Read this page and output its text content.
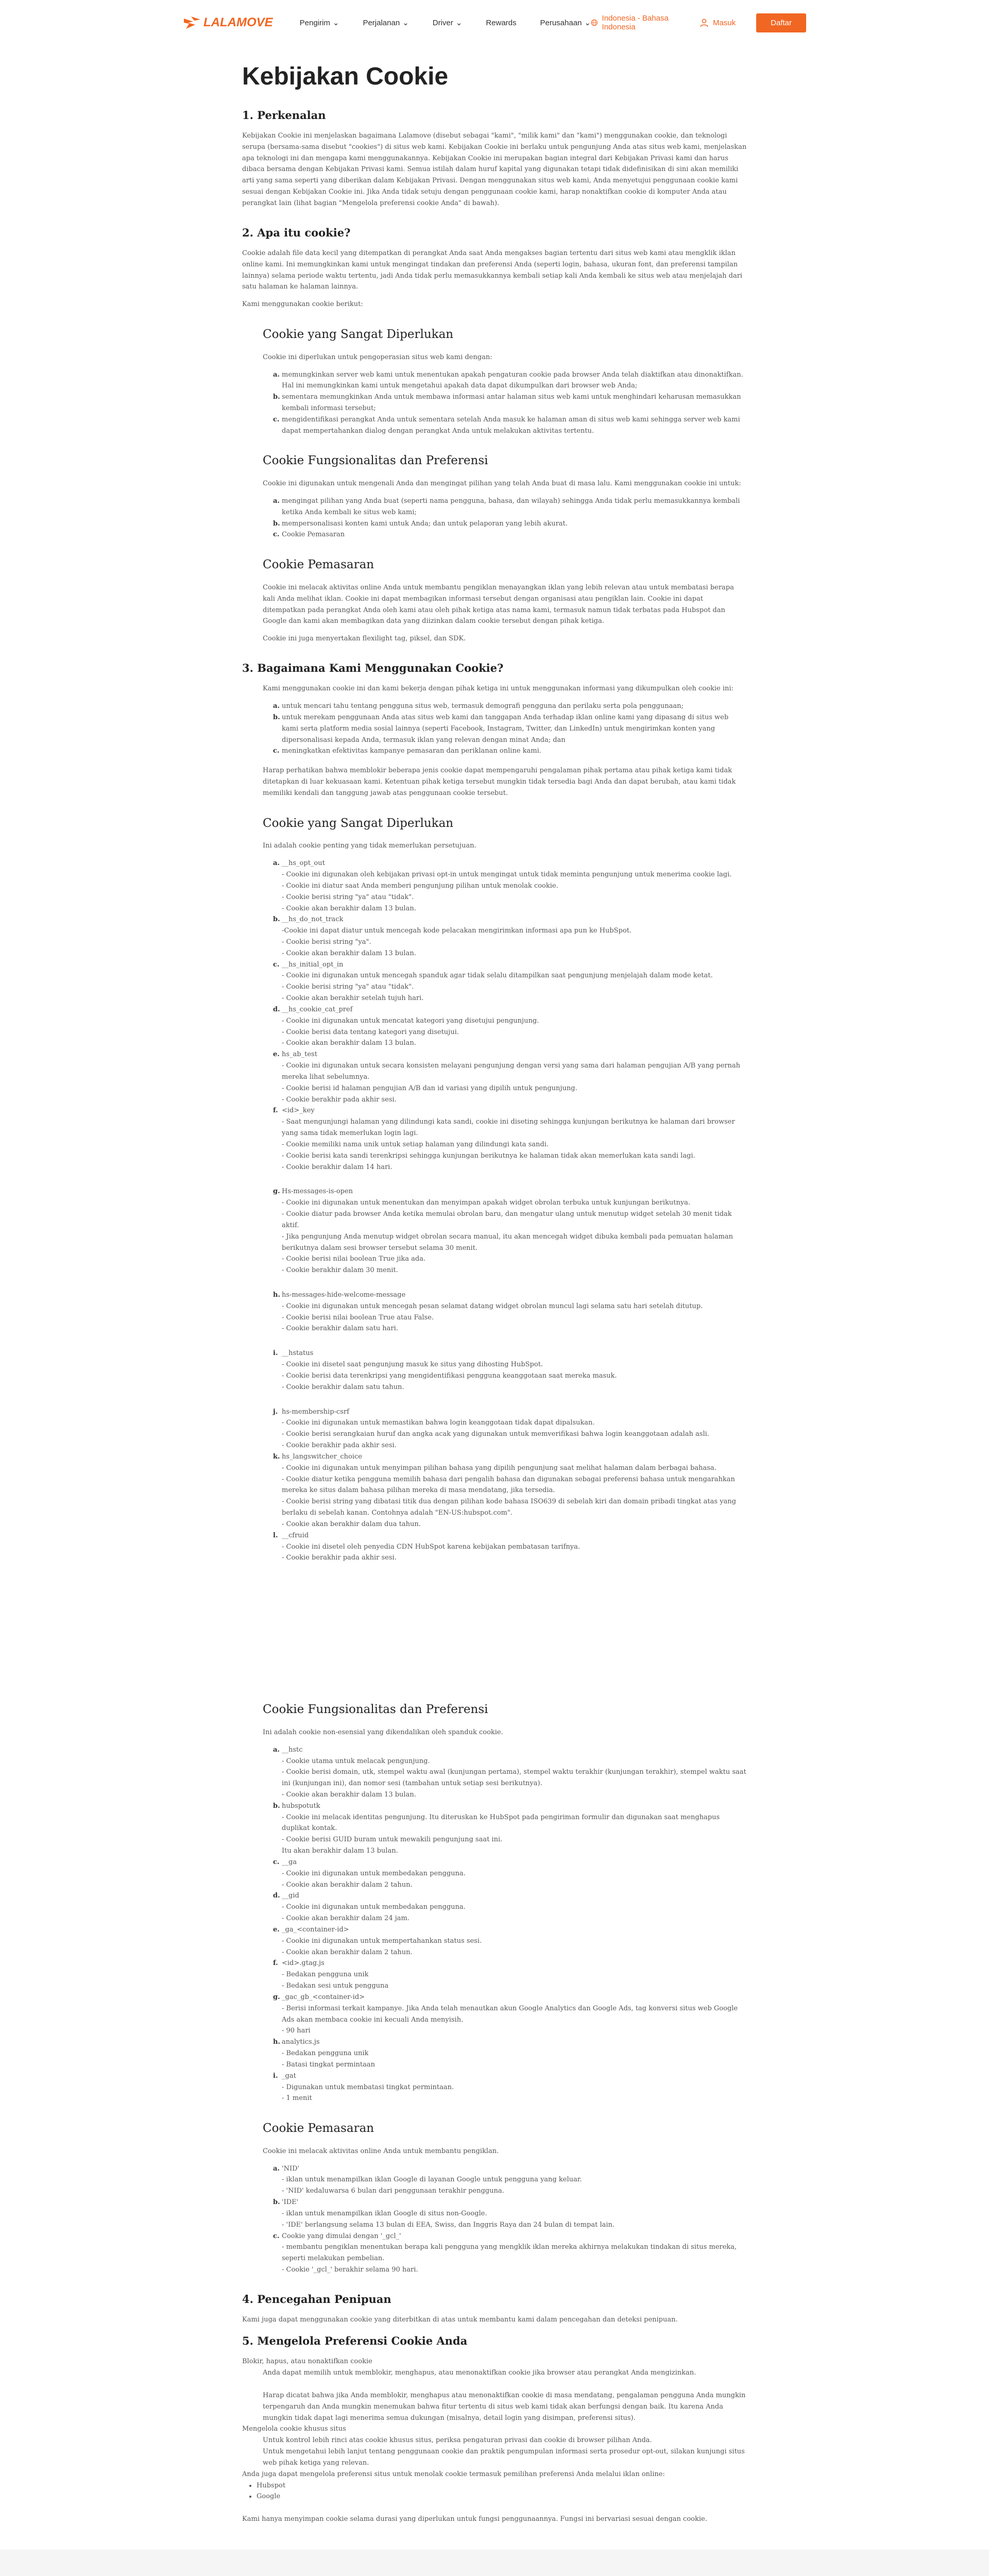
LALAMOVE	Pengirim ⌄	Perjalanan ⌄	Driver ⌄	Rewards	Perusahaan ⌄
Indonesia - Bahasa Indonesia	Masuk	Daftar
Kebijakan Cookie
1. Perkenalan

Kebijakan Cookie ini menjelaskan bagaimana Lalamove (disebut sebagai "kami", "milik kami" dan "kami") menggunakan cookie, dan teknologi serupa (bersama-sama disebut "cookies") di situs web kami. Kebijakan Cookie ini berlaku untuk pengunjung Anda atas situs web kami, menjelaskan apa teknologi ini dan mengapa kami menggunakannya. Kebijakan Cookie ini merupakan bagian integral dari Kebijakan Privasi kami dan harus dibaca bersama dengan Kebijakan Privasi kami. Semua istilah dalam huruf kapital yang digunakan tetapi tidak didefinisikan di sini akan memiliki arti yang sama seperti yang diberikan dalam Kebijakan Privasi. Dengan menggunakan situs web kami, Anda menyetujui penggunaan cookie kami sesuai dengan Kebijakan Cookie ini. Jika Anda tidak setuju dengan penggunaan cookie kami, harap nonaktifkan cookie di komputer Anda atau perangkat lain (lihat bagian "Mengelola preferensi cookie Anda" di bawah).

2. Apa itu cookie?

Cookie adalah file data kecil yang ditempatkan di perangkat Anda saat Anda mengakses bagian tertentu dari situs web kami atau mengklik iklan online kami. Ini memungkinkan kami untuk mengingat tindakan dan preferensi Anda (seperti login, bahasa, ukuran font, dan preferensi tampilan lainnya) selama periode waktu tertentu, jadi Anda tidak perlu memasukkannya kembali setiap kali Anda kembali ke situs web atau menjelajah dari satu halaman ke halaman lainnya.

Kami menggunakan cookie berikut:

Cookie yang Sangat Diperlukan

Cookie ini diperlukan untuk pengoperasian situs web kami dengan:

a. memungkinkan server web kami untuk menentukan apakah pengaturan cookie pada browser Anda telah diaktifkan atau dinonaktifkan. Hal ini memungkinkan kami untuk mengetahui apakah data dapat dikumpulkan dari browser web Anda;
b. sementara memungkinkan Anda untuk membawa informasi antar halaman situs web kami untuk menghindari keharusan memasukkan kembali informasi tersebut;
c. mengidentifikasi perangkat Anda untuk sementara setelah Anda masuk ke halaman aman di situs web kami sehingga server web kami dapat mempertahankan dialog dengan perangkat Anda untuk melakukan aktivitas tertentu.
Cookie Fungsionalitas dan Preferensi

Cookie ini digunakan untuk mengenali Anda dan mengingat pilihan yang telah Anda buat di masa lalu. Kami menggunakan cookie ini untuk:

a. mengingat pilihan yang Anda buat (seperti nama pengguna, bahasa, dan wilayah) sehingga Anda tidak perlu memasukkannya kembali ketika Anda kembali ke situs web kami;
b. mempersonalisasi konten kami untuk Anda; dan untuk pelaporan yang lebih akurat.
c. Cookie Pemasaran
Cookie Pemasaran

Cookie ini melacak aktivitas online Anda untuk membantu pengiklan menayangkan iklan yang lebih relevan atau untuk membatasi berapa kali Anda melihat iklan. Cookie ini dapat membagikan informasi tersebut dengan organisasi atau pengiklan lain. Cookie ini dapat ditempatkan pada perangkat Anda oleh kami atau oleh pihak ketiga atas nama kami, termasuk namun tidak terbatas pada Hubspot dan Google dan kami akan membagikan data yang diizinkan dalam cookie tersebut dengan pihak ketiga.

Cookie ini juga menyertakan flexilight tag, piksel, dan SDK.

3. Bagaimana Kami Menggunakan Cookie?

Kami menggunakan cookie ini dan kami bekerja dengan pihak ketiga ini untuk menggunakan informasi yang dikumpulkan oleh cookie ini:

a. untuk mencari tahu tentang pengguna situs web, termasuk demografi pengguna dan perilaku serta pola penggunaan;
b. untuk merekam penggunaan Anda atas situs web kami dan tanggapan Anda terhadap iklan online kami yang dipasang di situs web kami serta platform media sosial lainnya (seperti Facebook, Instagram, Twitter, dan LinkedIn) untuk mengirimkan konten yang dipersonalisasi kepada Anda, termasuk iklan yang relevan dengan minat Anda; dan
c. meningkatkan efektivitas kampanye pemasaran dan periklanan online kami.

Harap perhatikan bahwa memblokir beberapa jenis cookie dapat mempengaruhi pengalaman pihak pertama atau pihak ketiga kami tidak ditetapkan di luar kekuasaan kami. Ketentuan pihak ketiga tersebut mungkin tidak tersedia bagi Anda dan dapat berubah, atau kami tidak memiliki kendali dan tanggung jawab atas penggunaan cookie tersebut.

Cookie yang Sangat Diperlukan

Ini adalah cookie penting yang tidak memerlukan persetujuan.

a. __hs_opt_out
- Cookie ini digunakan oleh kebijakan privasi opt-in untuk mengingat untuk tidak meminta pengunjung untuk menerima cookie lagi.
- Cookie ini diatur saat Anda memberi pengunjung pilihan untuk menolak cookie.
- Cookie berisi string "ya" atau "tidak".
- Cookie akan berakhir dalam 13 bulan.
b. __hs_do_not_track
-Cookie ini dapat diatur untuk mencegah kode pelacakan mengirimkan informasi apa pun ke HubSpot.
- Cookie berisi string "ya".
- Cookie akan berakhir dalam 13 bulan.
c. __hs_initial_opt_in
- Cookie ini digunakan untuk mencegah spanduk agar tidak selalu ditampilkan saat pengunjung menjelajah dalam mode ketat.
- Cookie berisi string "ya" atau "tidak".
- Cookie akan berakhir setelah tujuh hari.
d. __hs_cookie_cat_pref
- Cookie ini digunakan untuk mencatat kategori yang disetujui pengunjung.
- Cookie berisi data tentang kategori yang disetujui.
- Cookie akan berakhir dalam 13 bulan.
e. hs_ab_test
- Cookie ini digunakan untuk secara konsisten melayani pengunjung dengan versi yang sama dari halaman pengujian A/B yang pernah mereka lihat sebelumnya.
- Cookie berisi id halaman pengujian A/B dan id variasi yang dipilih untuk pengunjung.
- Cookie berakhir pada akhir sesi.
f. <id>_key
- Saat mengunjungi halaman yang dilindungi kata sandi, cookie ini diseting sehingga kunjungan berikutnya ke halaman dari browser yang sama tidak memerlukan login lagi.
- Cookie memiliki nama unik untuk setiap halaman yang dilindungi kata sandi.
- Cookie berisi kata sandi terenkripsi sehingga kunjungan berikutnya ke halaman tidak akan memerlukan kata sandi lagi.
- Cookie berakhir dalam 14 hari.
g. Hs-messages-is-open
- Cookie ini digunakan untuk menentukan dan menyimpan apakah widget obrolan terbuka untuk kunjungan berikutnya.
- Cookie diatur pada browser Anda ketika memulai obrolan baru, dan mengatur ulang untuk menutup widget setelah 30 menit tidak aktif.
- Jika pengunjung Anda menutup widget obrolan secara manual, itu akan mencegah widget dibuka kembali pada pemuatan halaman berikutnya dalam sesi browser tersebut selama 30 menit.
- Cookie berisi nilai boolean True jika ada.
- Cookie berakhir dalam 30 menit.
h. hs-messages-hide-welcome-message
- Cookie ini digunakan untuk mencegah pesan selamat datang widget obrolan muncul lagi selama satu hari setelah ditutup.
- Cookie berisi nilai boolean True atau False.
- Cookie berakhir dalam satu hari.
i. __hstatus
- Cookie ini disetel saat pengunjung masuk ke situs yang dihosting HubSpot.
- Cookie berisi data terenkripsi yang mengidentifikasi pengguna keanggotaan saat mereka masuk.
- Cookie berakhir dalam satu tahun.
j. hs-membership-csrf
- Cookie ini digunakan untuk memastikan bahwa login keanggotaan tidak dapat dipalsukan.
- Cookie berisi serangkaian huruf dan angka acak yang digunakan untuk memverifikasi bahwa login keanggotaan adalah asli.
- Cookie berakhir pada akhir sesi.
k. hs_langswitcher_choice
- Cookie ini digunakan untuk menyimpan pilihan bahasa yang dipilih pengunjung saat melihat halaman dalam berbagai bahasa.
- Cookie diatur ketika pengguna memilih bahasa dari pengalih bahasa dan digunakan sebagai preferensi bahasa untuk mengarahkan mereka ke situs dalam bahasa pilihan mereka di masa mendatang, jika tersedia.
- Cookie berisi string yang dibatasi titik dua dengan pilihan kode bahasa ISO639 di sebelah kiri dan domain pribadi tingkat atas yang berlaku di sebelah kanan. Contohnya adalah "EN-US:hubspot.com".
- Cookie akan berakhir dalam dua tahun.
l. __cfruid
- Cookie ini disetel oleh penyedia CDN HubSpot karena kebijakan pembatasan tarifnya.
- Cookie berakhir pada akhir sesi.
Cookie Fungsionalitas dan Preferensi

Ini adalah cookie non-esensial yang dikendalikan oleh spanduk cookie.

a. __hstc
- Cookie utama untuk melacak pengunjung.
- Cookie berisi domain, utk, stempel waktu awal (kunjungan pertama), stempel waktu terakhir (kunjungan terakhir), stempel waktu saat ini (kunjungan ini), dan nomor sesi (tambahan untuk setiap sesi berikutnya).
- Cookie akan berakhir dalam 13 bulan.
b. hubspotutk
- Cookie ini melacak identitas pengunjung. Itu diteruskan ke HubSpot pada pengiriman formulir dan digunakan saat menghapus duplikat kontak.
- Cookie berisi GUID buram untuk mewakili pengunjung saat ini.
Itu akan berakhir dalam 13 bulan.
c. __ga
- Cookie ini digunakan untuk membedakan pengguna.
- Cookie akan berakhir dalam 2 tahun.
d. __gid
- Cookie ini digunakan untuk membedakan pengguna.
- Cookie akan berakhir dalam 24 jam.
e. _ga_<container-id>
- Cookie ini digunakan untuk mempertahankan status sesi.
- Cookie akan berakhir dalam 2 tahun.
f. <id>.gtag.js
- Bedakan pengguna unik
- Bedakan sesi untuk pengguna
g. _gac_gb_<container-id>
- Berisi informasi terkait kampanye. Jika Anda telah menautkan akun Google Analytics dan Google Ads, tag konversi situs web Google Ads akan membaca cookie ini kecuali Anda menyisih.
- 90 hari
h. analytics.js
- Bedakan pengguna unik
- Batasi tingkat permintaan
i. _gat
- Digunakan untuk membatasi tingkat permintaan.
- 1 menit
Cookie Pemasaran

Cookie ini melacak aktivitas online Anda untuk membantu pengiklan.

a. 'NID'
- iklan untuk menampilkan iklan Google di layanan Google untuk pengguna yang keluar.
- 'NID' kedaluwarsa 6 bulan dari penggunaan terakhir pengguna.
b. 'IDE'
- iklan untuk menampilkan iklan Google di situs non-Google.
- 'IDE' berlangsung selama 13 bulan di EEA, Swiss, dan Inggris Raya dan 24 bulan di tempat lain.
c. Cookie yang dimulai dengan '_gcl_'
- membantu pengiklan menentukan berapa kali pengguna yang mengklik iklan mereka akhirnya melakukan tindakan di situs mereka, seperti melakukan pembelian.
- Cookie '_gcl_' berakhir selama 90 hari.
4. Pencegahan Penipuan

Kami juga dapat menggunakan cookie yang diterbitkan di atas untuk membantu kami dalam pencegahan dan deteksi penipuan.

5. Mengelola Preferensi Cookie Anda
Blokir, hapus, atau nonaktifkan cookie
Anda dapat memilih untuk memblokir, menghapus, atau menonaktifkan cookie jika browser atau perangkat Anda mengizinkan.
Harap dicatat bahwa jika Anda memblokir, menghapus atau menonaktifkan cookie di masa mendatang, pengalaman pengguna Anda mungkin terpengaruh dan Anda mungkin menemukan bahwa fitur tertentu di situs web kami tidak akan berfungsi dengan baik. Itu karena Anda mungkin tidak dapat lagi menerima semua dukungan (misalnya, detail login yang disimpan, preferensi situs).
Mengelola cookie khusus situs
Untuk kontrol lebih rinci atas cookie khusus situs, periksa pengaturan privasi dan cookie di browser pilihan Anda.
Untuk mengetahui lebih lanjut tentang penggunaan cookie dan praktik pengumpulan informasi serta prosedur opt-out, silakan kunjungi situs web pihak ketiga yang relevan.
Anda juga dapat mengelola preferensi situs untuk menolak cookie termasuk pemilihan preferensi Anda melalui iklan online:
• Hubspot
• Google

Kami hanya menyimpan cookie selama durasi yang diperlukan untuk fungsi penggunaannya. Fungsi ini bervariasi sesuai dengan cookie.
